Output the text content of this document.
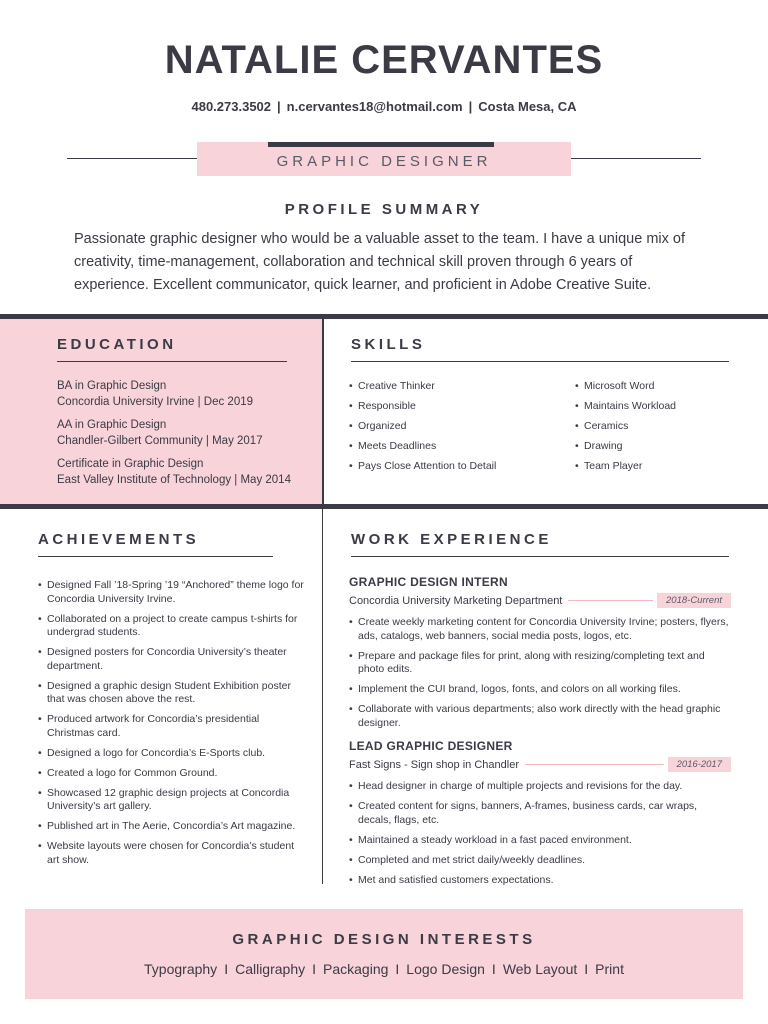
NATALIE CERVANTES
480.273.3502 | n.cervantes18@hotmail.com | Costa Mesa, CA
GRAPHIC DESIGNER
PROFILE SUMMARY
Passionate graphic designer who would be a valuable asset to the team. I have a unique mix of creativity, time-management, collaboration and technical skill proven through 6 years of experience. Excellent communicator, quick learner, and proficient in Adobe Creative Suite.
EDUCATION
BA in Graphic Design
Concordia University Irvine | Dec 2019
AA in Graphic Design
Chandler-Gilbert Community | May 2017
Certificate in Graphic Design
East Valley Institute of Technology | May 2014
SKILLS
• Creative Thinker
• Responsible
• Organized
• Meets Deadlines
• Pays Close Attention to Detail
• Microsoft Word
• Maintains Workload
• Ceramics
• Drawing
• Team Player
ACHIEVEMENTS
• Designed Fall ’18-Spring ’19 “Anchored” theme logo for Concordia University Irvine.
• Collaborated on a project to create campus t-shirts for undergrad students.
• Designed posters for Concordia University’s theater department.
• Designed a graphic design Student Exhibition poster that was chosen above the rest.
• Produced artwork for Concordia’s presidential Christmas card.
• Designed a logo for Concordia’s E-Sports club.
• Created a logo for Common Ground.
• Showcased 12 graphic design projects at Concordia University’s art gallery.
• Published art in The Aerie, Concordia’s Art magazine.
• Website layouts were chosen for Concordia’s student art show.
WORK EXPERIENCE
GRAPHIC DESIGN INTERN
Concordia University Marketing Department	2018-Current
• Create weekly marketing content for Concordia University Irvine; posters, flyers, ads, catalogs, web banners, social media posts, logos, etc.
• Prepare and package files for print, along with resizing/completing text and photo edits.
• Implement the CUI brand, logos, fonts, and colors on all working files.
• Collaborate with various departments; also work directly with the head graphic designer.
LEAD GRAPHIC DESIGNER
Fast Signs - Sign shop in Chandler	2016-2017
• Head designer in charge of multiple projects and revisions for the day.
• Created content for signs, banners, A-frames, business cards, car wraps, decals, flags, etc.
• Maintained a steady workload in a fast paced environment.
• Completed and met strict daily/weekly deadlines.
• Met and satisfied customers expectations.
GRAPHIC DESIGN INTERESTS
Typography I Calligraphy I Packaging I Logo Design I Web Layout I Print
